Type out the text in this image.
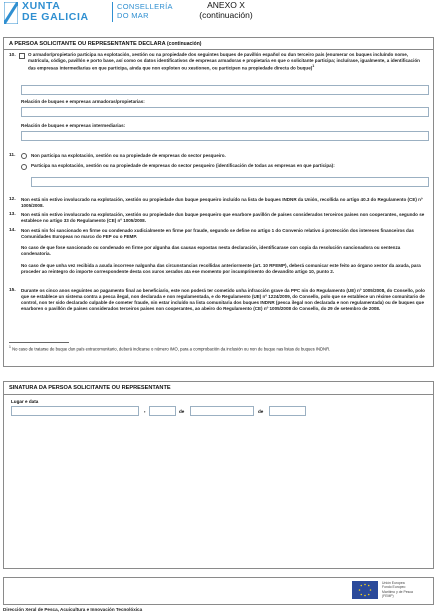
XUNTA
DE GALICIA
CONSELLERÍA
DO MAR
ANEXO X
(continuación)
A PERSOA SOLICITANTE OU REPRESENTANTE DECLARA (continuación)
10.	O armador/propietario participa na explotación, xestión ou na propiedade dos seguintes buques de pavillón español ou dun terceiro país (enumerar os buques incluíndo nome, matrícula, código, pavillón e porto base, así como os datos identificativos de empresas armadoras e propietaria en que o solicitante participa; incluírase, igualmente, a identificación das empresas intermediarias en que participa, ainda que non exploten ou xestionen, ou participen na propiedade directa do buque)$^1$
Relación de buques e empresas armadoras/propietarias:
Relación de buques e empresas intermediarias:
11.	Non participa na explotación, xestión ou na propiedade de empresas do sector pesqueiro.
Participa na explotación, xestión ou na propiedade de empresas do sector pesqueiro (identificación de todas as empresas en que participa):
12. Non está nin estivo involucrado na explotación, xestión ou propiedade dun buque pesqueiro incluído na lista de buques INDNR da Unión, recollida no artigo 40.3 do Regulamento (CE) nº 1005/2008.
13. Non está nin estivo involucrado na explotación, xestión ou propiedade dun buque pesqueiro que enarbore pavillón de países considerados terceiros países non cooperantes, segundo se establece no artigo 33 do Regulamento (CE) nº 1005/2008.
14. Non está nin foi sancionado en firme ou condenado xudicialmente en firme por fraude, segundo se define no artigo 1 do Convenio relativo á protección dos intereses financeiros das Comunidades Europeas no marco do FEP ou o FEMP.
No caso de que fose sancionado ou condenado en firme por algunha das causas expostas nesta declaración, identificarase con copia da resolución sancionadora ou sentenza condenatoria.
No caso de que unha vez recibida a axuda incorrese nalgunha das circunstancias recollidas anteriormente (art. 10 RFEMP), deberá comunicar este feito ao órgano xestor da axuda, para proceder ao reintegro do importe correspondente desta cos xuros xerados ata ese momento por incumprimento do devandito artigo 10, punto 2.
15. Durante os cinco anos seguintes ao pagamento final ao beneficiario, este non poderá ter cometido unha infracción grave da PPC nin do Regulamento (UE) nº 1005/2008, do Consello, polo que se establece un sistema contra a pesca ilegal, non declarada e non regulamentada, e do Regulamento (UE) nº 1224/2009, do Consello, polo que se establece un réxime comunitario de control, non ter sido declarado culpable de cometer fraude, nin estar incluído na lista comunitaria dos buques INDNR (pesca ilegal non declarada e non regulamentada) ou de buques que enarboren o pavillón de países considerados terceiros países non cooperantes, ao abeiro do Regulamento (CE) nº 1005/2008 do Consello, do 29 de setembro de 2008.
$^1$ No caso de tratarse de buque dun país extracomunitario, deberá indicarse o número IMO, para a comprobación da inclusión ou non de buque nas listas de buques INDNR.
SINATURA DA PERSOA SOLICITANTE OU REPRESENTANTE
Lugar e data
,	de	de
Unión Europea
Fondo Europeo
Marítimo y de Pesca
(FEMP)
Dirección Xeral de Pesca, Acuicultura e Innovación Tecnolóxica
